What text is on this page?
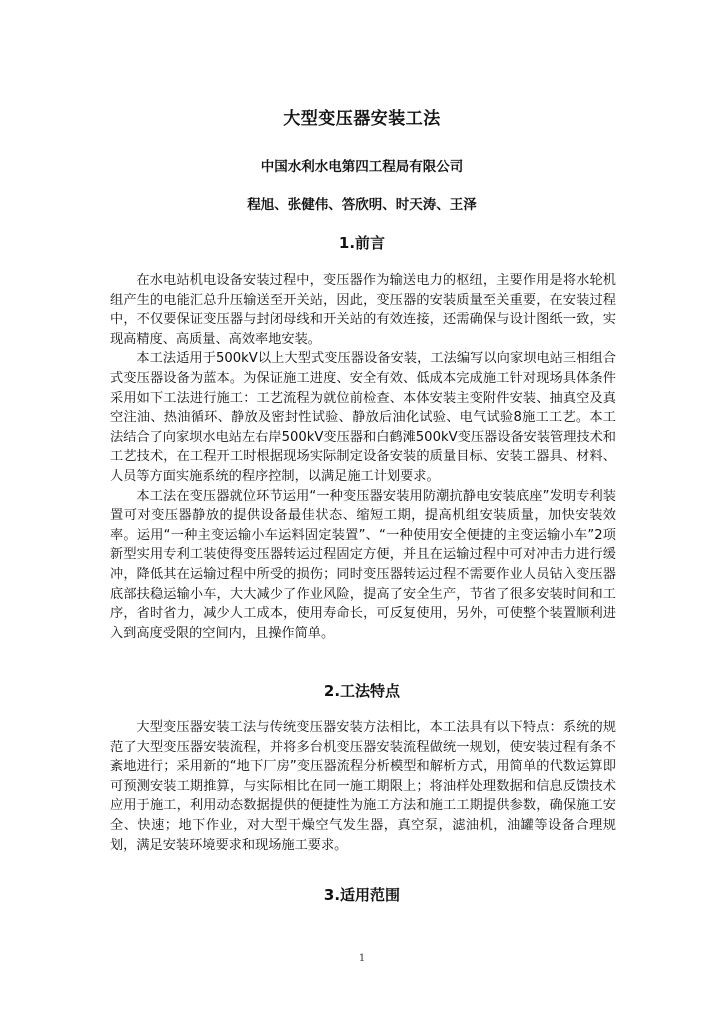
大型变压器安装工法
中国水利水电第四工程局有限公司
程旭、张健伟、答欣明、时天涛、王泽
1.前言

在水电站机电设备安装过程中，变压器作为输送电力的枢纽，主要作用是将水轮机组产生的电能汇总升压输送至开关站，因此，变压器的安装质量至关重要，在安装过程中，不仅要保证变压器与封闭母线和开关站的有效连接，还需确保与设计图纸一致，实现高精度、高质量、高效率地安装。

本工法适用于500kV以上大型式变压器设备安装，工法编写以向家坝电站三相组合式变压器设备为蓝本。为保证施工进度、安全有效、低成本完成施工针对现场具体条件采用如下工法进行施工：工艺流程为就位前检查、本体安装主变附件安装、抽真空及真空注油、热油循环、静放及密封性试验、静放后油化试验、电气试验8施工工艺。本工法结合了向家坝水电站左右岸500kV变压器和白鹤滩500kV变压器设备安装管理技术和工艺技术，在工程开工时根据现场实际制定设备安装的质量目标、安装工器具、材料、人员等方面实施系统的程序控制，以满足施工计划要求。

本工法在变压器就位环节运用“一种变压器安装用防潮抗静电安装底座”发明专利装置可对变压器静放的提供设备最佳状态、缩短工期，提高机组安装质量，加快安装效率。运用“一种主变运输小车运料固定装置”、“一种使用安全便捷的主变运输小车”2项新型实用专利工装使得变压器转运过程固定方便，并且在运输过程中可对冲击力进行缓冲，降低其在运输过程中所受的损伤；同时变压器转运过程不需要作业人员钻入变压器底部扶稳运输小车，大大减少了作业风险，提高了安全生产，节省了很多安装时间和工序，省时省力，减少人工成本，使用寿命长，可反复使用，另外，可使整个装置顺利进入到高度受限的空间内，且操作简单。

2.工法特点

大型变压器安装工法与传统变压器安装方法相比，本工法具有以下特点：系统的规范了大型变压器安装流程，并将多台机变压器安装流程做统一规划，使安装过程有条不紊地进行；采用新的“地下厂房”变压器流程分析模型和解析方式，用简单的代数运算即可预测安装工期推算，与实际相比在同一施工期限上；将油样处理数据和信息反馈技术应用于施工，利用动态数据提供的便捷性为施工方法和施工工期提供参数，确保施工安全、快速；地下作业，对大型干燥空气发生器，真空泵，滤油机，油罐等设备合理规划，满足安装环境要求和现场施工要求。

3.适用范围
1
